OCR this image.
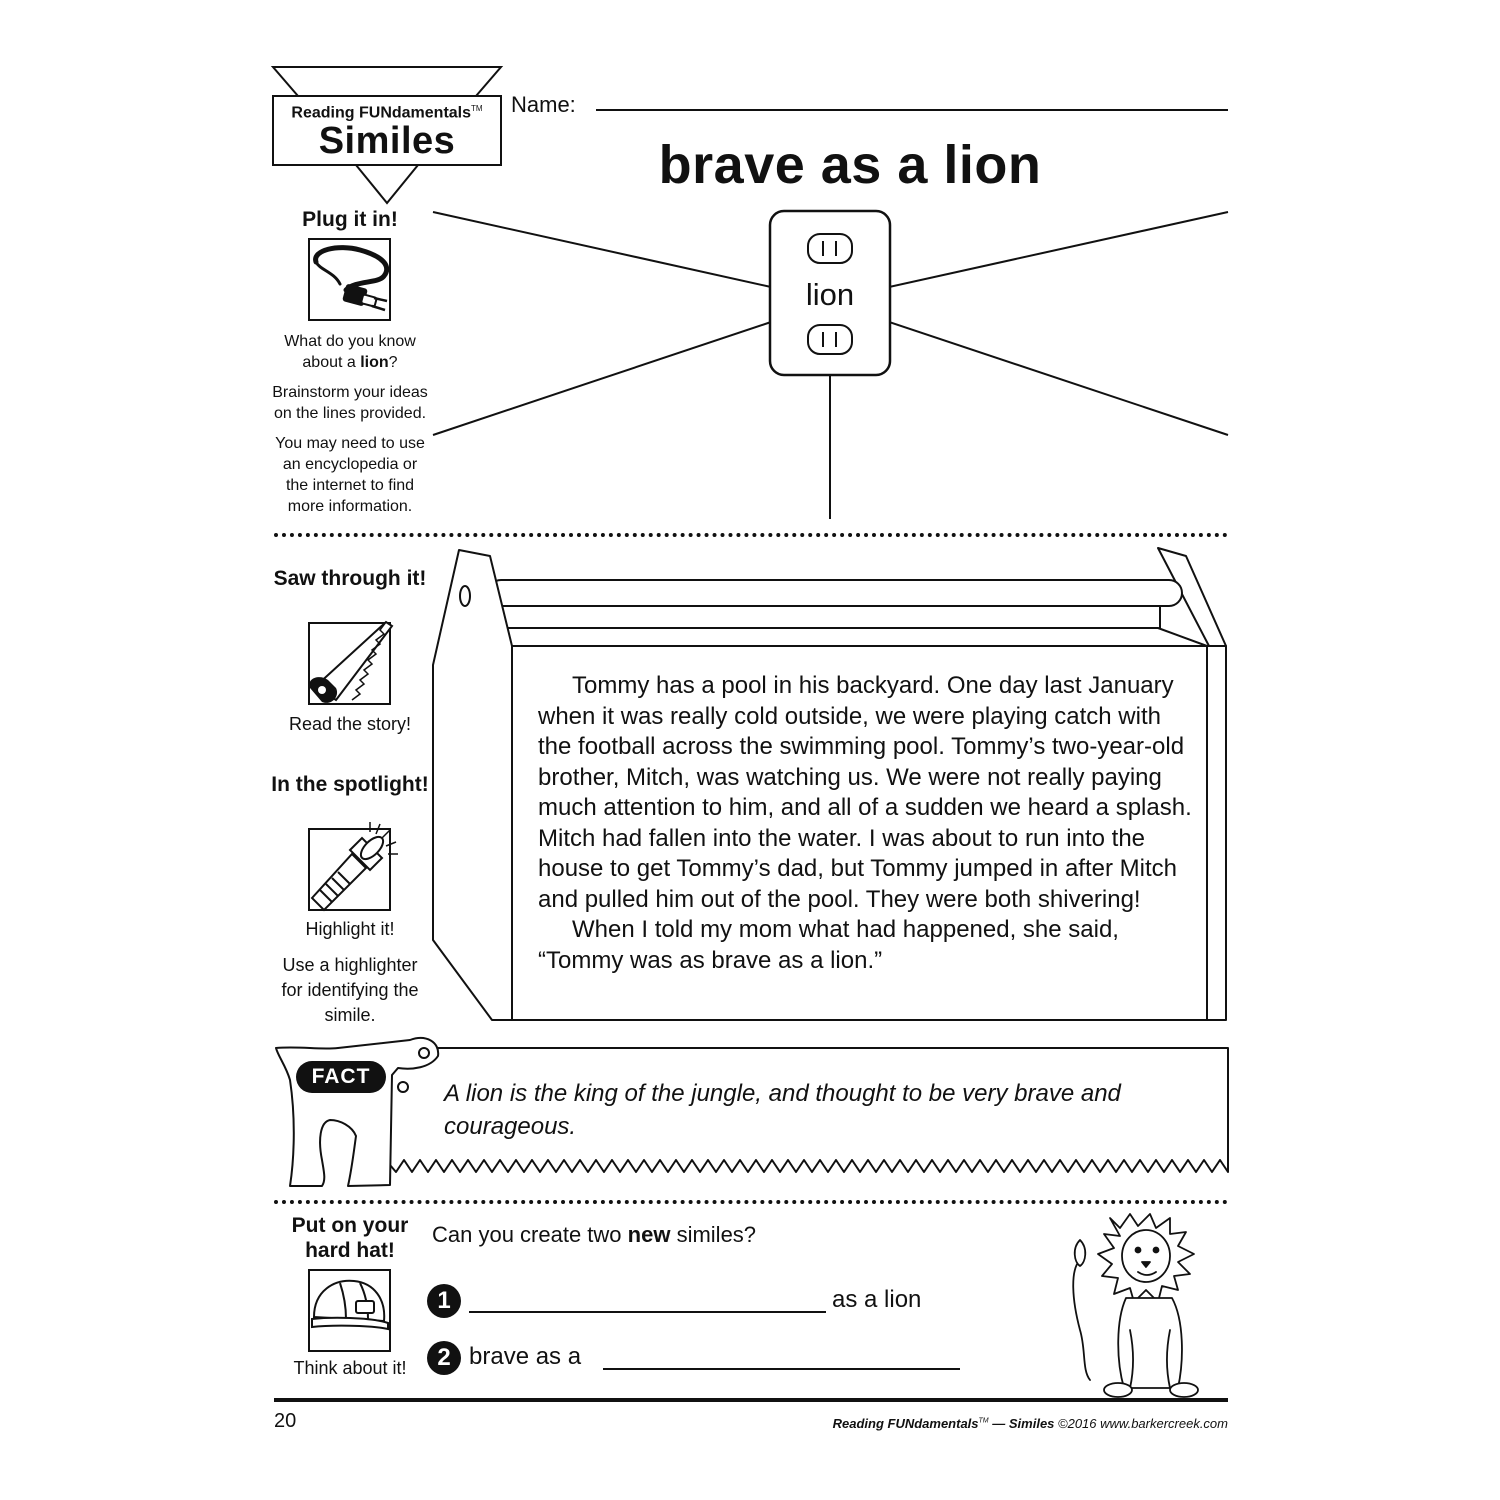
Reading FUNdamentals™
Similes
Name:
brave as a lion
lion
Plug it in!
What do you know
about a lion?
Brainstorm your ideas on the lines provided.
You may need to use an encyclopedia or the internet to find more information.
Saw through it!
Read the story!
In the spotlight!
Highlight it!
Use a highlighter for identifying the simile.

Tommy has a pool in his backyard. One day last January when it was really cold outside, we were playing catch with the football across the swimming pool. Tommy’s two-year-old brother, Mitch, was watching us. We were not really paying much attention to him, and all of a sudden we heard a splash. Mitch had fallen into the water. I was about to run into the house to get Tommy’s dad, but Tommy jumped in after Mitch and pulled him out of the pool. They were both shivering!

When I told my mom what had happened, she said, “Tommy was as brave as a lion.”

FACT
A lion is the king of the jungle, and thought to be very brave and courageous.
Put on your hard hat!
Think about it!
Can you create two new similes?
1	as a lion
2 brave as a
20	Reading FUNdamentals™ — Similes ©2016 www.barkercreek.com
